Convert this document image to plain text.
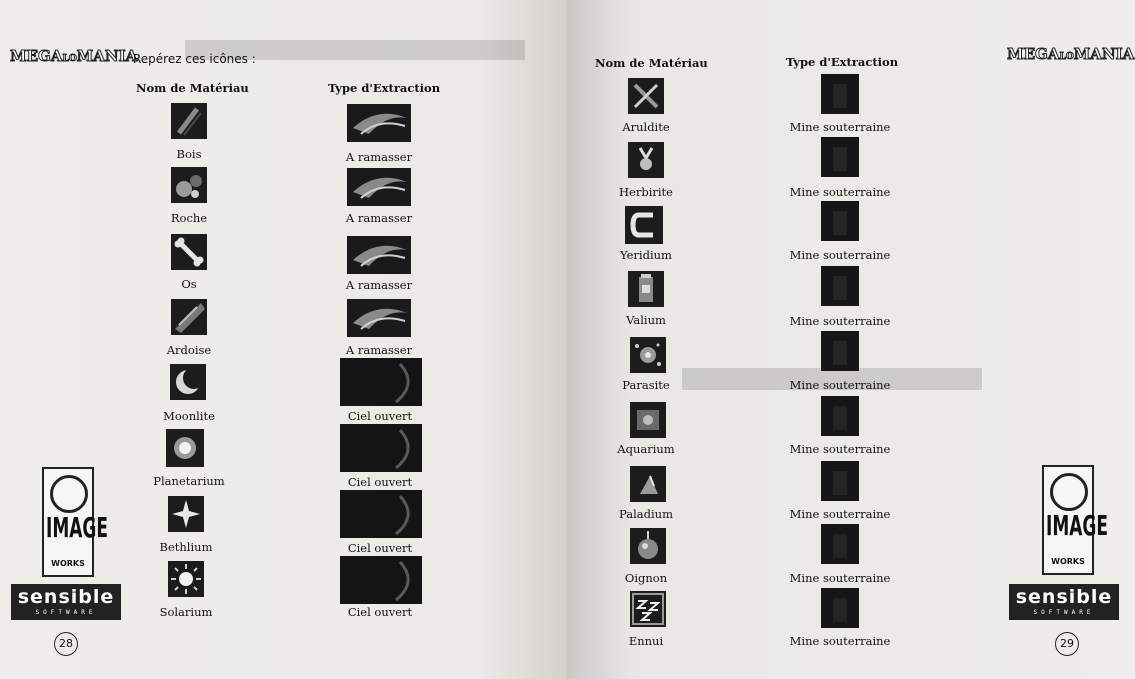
MEGALOMANIA
Repérez ces icônes :
Nom de Matériau	Type d'Extraction
Bois	A ramasser
Roche	A ramasser
Os	A ramasser
Ardoise	A ramasser
Moonlite	Ciel ouvert
Planetarium	Ciel ouvert
Bethlium	Ciel ouvert
Solarium	Ciel ouvert
IMAGE
WORKS
sensible
SOFTWARE
28
Nom de Matériau	Type d'Extraction	MEGALOMANIA
Aruldite	Mine souterraine
Herbirite	Mine souterraine
Yeridium	Mine souterraine
Valium	Mine souterraine
Parasite	Mine souterraine
Aquarium	Mine souterraine
Paladium	Mine souterraine
Oignon	Mine souterraine
Ennui	Mine souterraine
IMAGE
WORKS
sensible
SOFTWARE
29
